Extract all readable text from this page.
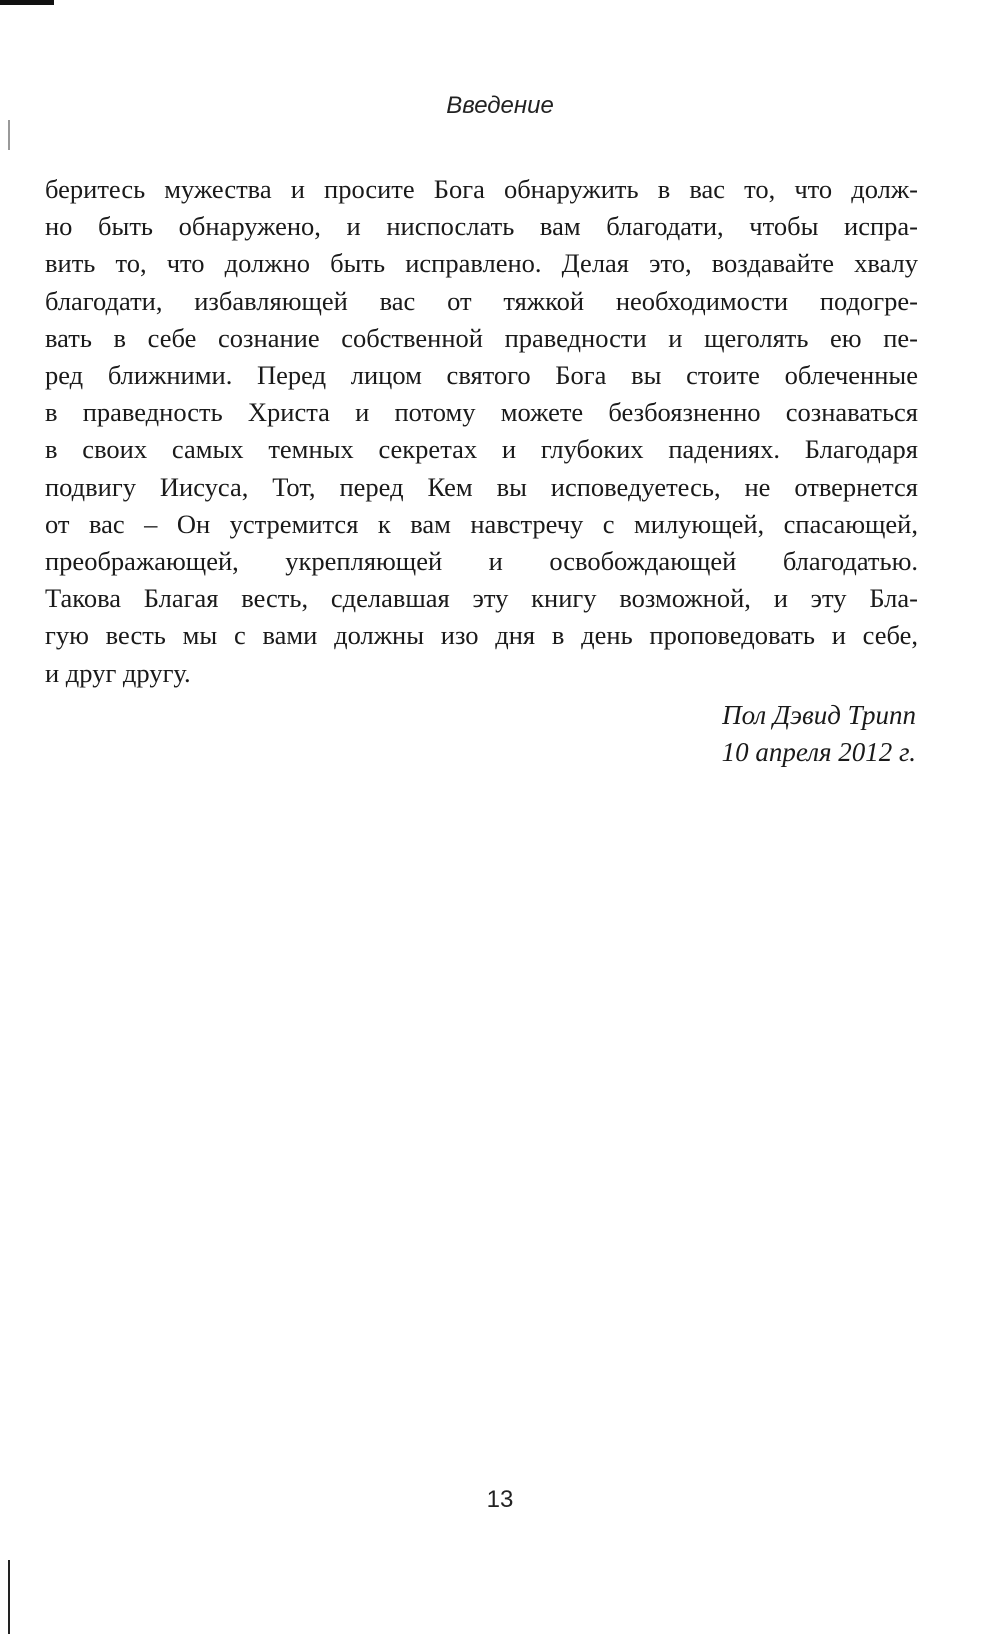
Введение
беритесь мужества и просите Бога обнаружить в вас то, что долж-
но быть обнаружено, и ниспослать вам благодати, чтобы испра-
вить то, что должно быть исправлено. Делая это, воздавайте хвалу
благодати, избавляющей вас от тяжкой необходимости подогре-
вать в себе сознание собственной праведности и щеголять ею пе-
ред ближними. Перед лицом святого Бога вы стоите облеченные
в праведность Христа и потому можете безбоязненно сознаваться
в своих самых темных секретах и глубоких падениях. Благодаря
подвигу Иисуса, Тот, перед Кем вы исповедуетесь, не отвернется
от вас – Он устремится к вам навстречу с милующей, спасающей,
преображающей, укрепляющей и освобождающей благодатью.
Такова Благая весть, сделавшая эту книгу возможной, и эту Бла-
гую весть мы с вами должны изо дня в день проповедовать и себе,
и друг другу.
Пол Дэвид Трипп
10 апреля 2012 г.
13
